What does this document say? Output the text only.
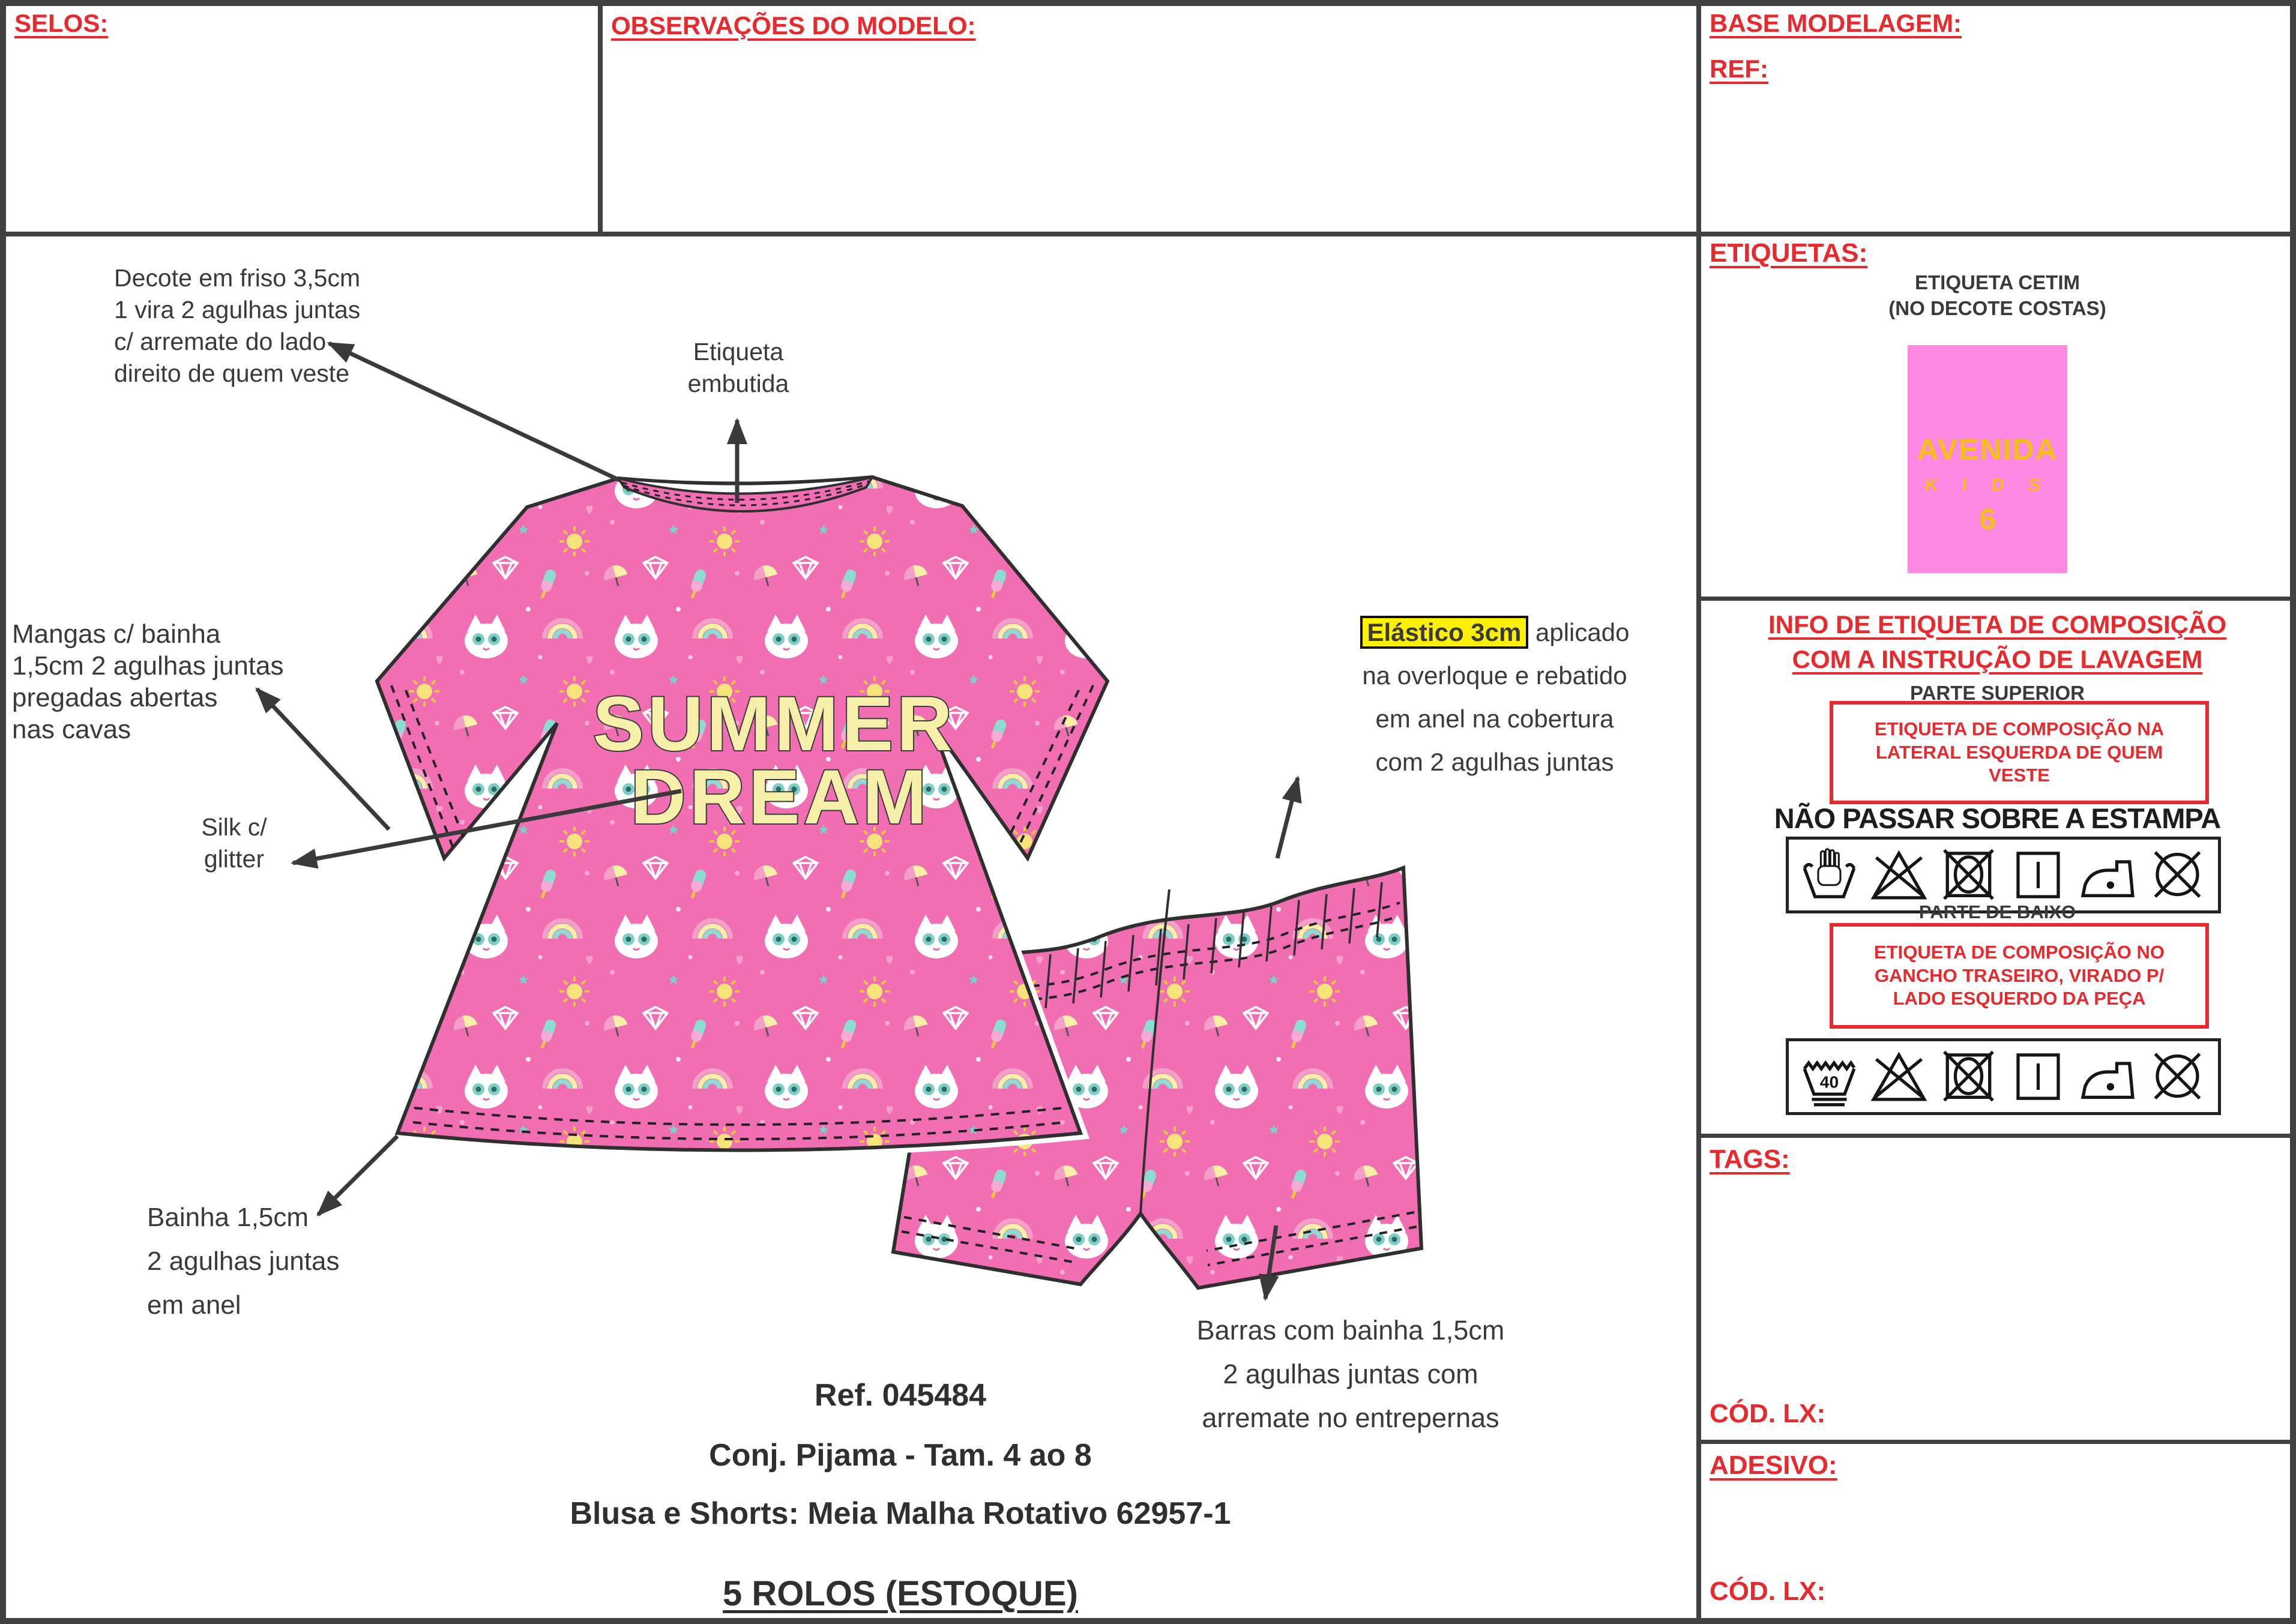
SELOS:	OBSERVAÇÕES DO MODELO:	BASE MODELAGEM:
REF:
SUMMER
DREAM
Decote em friso 3,5cm
1 vira 2 agulhas juntas
c/ arremate do lado
direito de quem veste
Etiqueta
embutida
Mangas c/ bainha
1,5cm 2 agulhas juntas
pregadas abertas
nas cavas
Silk c/
glitter
Bainha 1,5cm
2 agulhas juntas
em anel
Elástico 3cm aplicado
na overloque e rebatido
em anel na cobertura
com 2 agulhas juntas
Barras com bainha 1,5cm
2 agulhas juntas com
arremate no entrepernas
Ref. 045484
Conj. Pijama - Tam. 4 ao 8
Blusa e Shorts: Meia Malha Rotativo 62957-1
5 ROLOS (ESTOQUE)
ETIQUETAS:
ETIQUETA CETIM
(NO DECOTE COSTAS)
AVENIDA
K I D S
6
INFO DE ETIQUETA DE COMPOSIÇÃO
COM A INSTRUÇÃO DE LAVAGEM
PARTE SUPERIOR
ETIQUETA DE COMPOSIÇÃO NA LATERAL ESQUERDA DE QUEM VESTE
NÃO PASSAR SOBRE A ESTAMPA
PARTE DE BAIXO
ETIQUETA DE COMPOSIÇÃO NO GANCHO TRASEIRO, VIRADO P/ LADO ESQUERDO DA PEÇA
40
TAGS:
CÓD. LX:
ADESIVO:
CÓD. LX:
